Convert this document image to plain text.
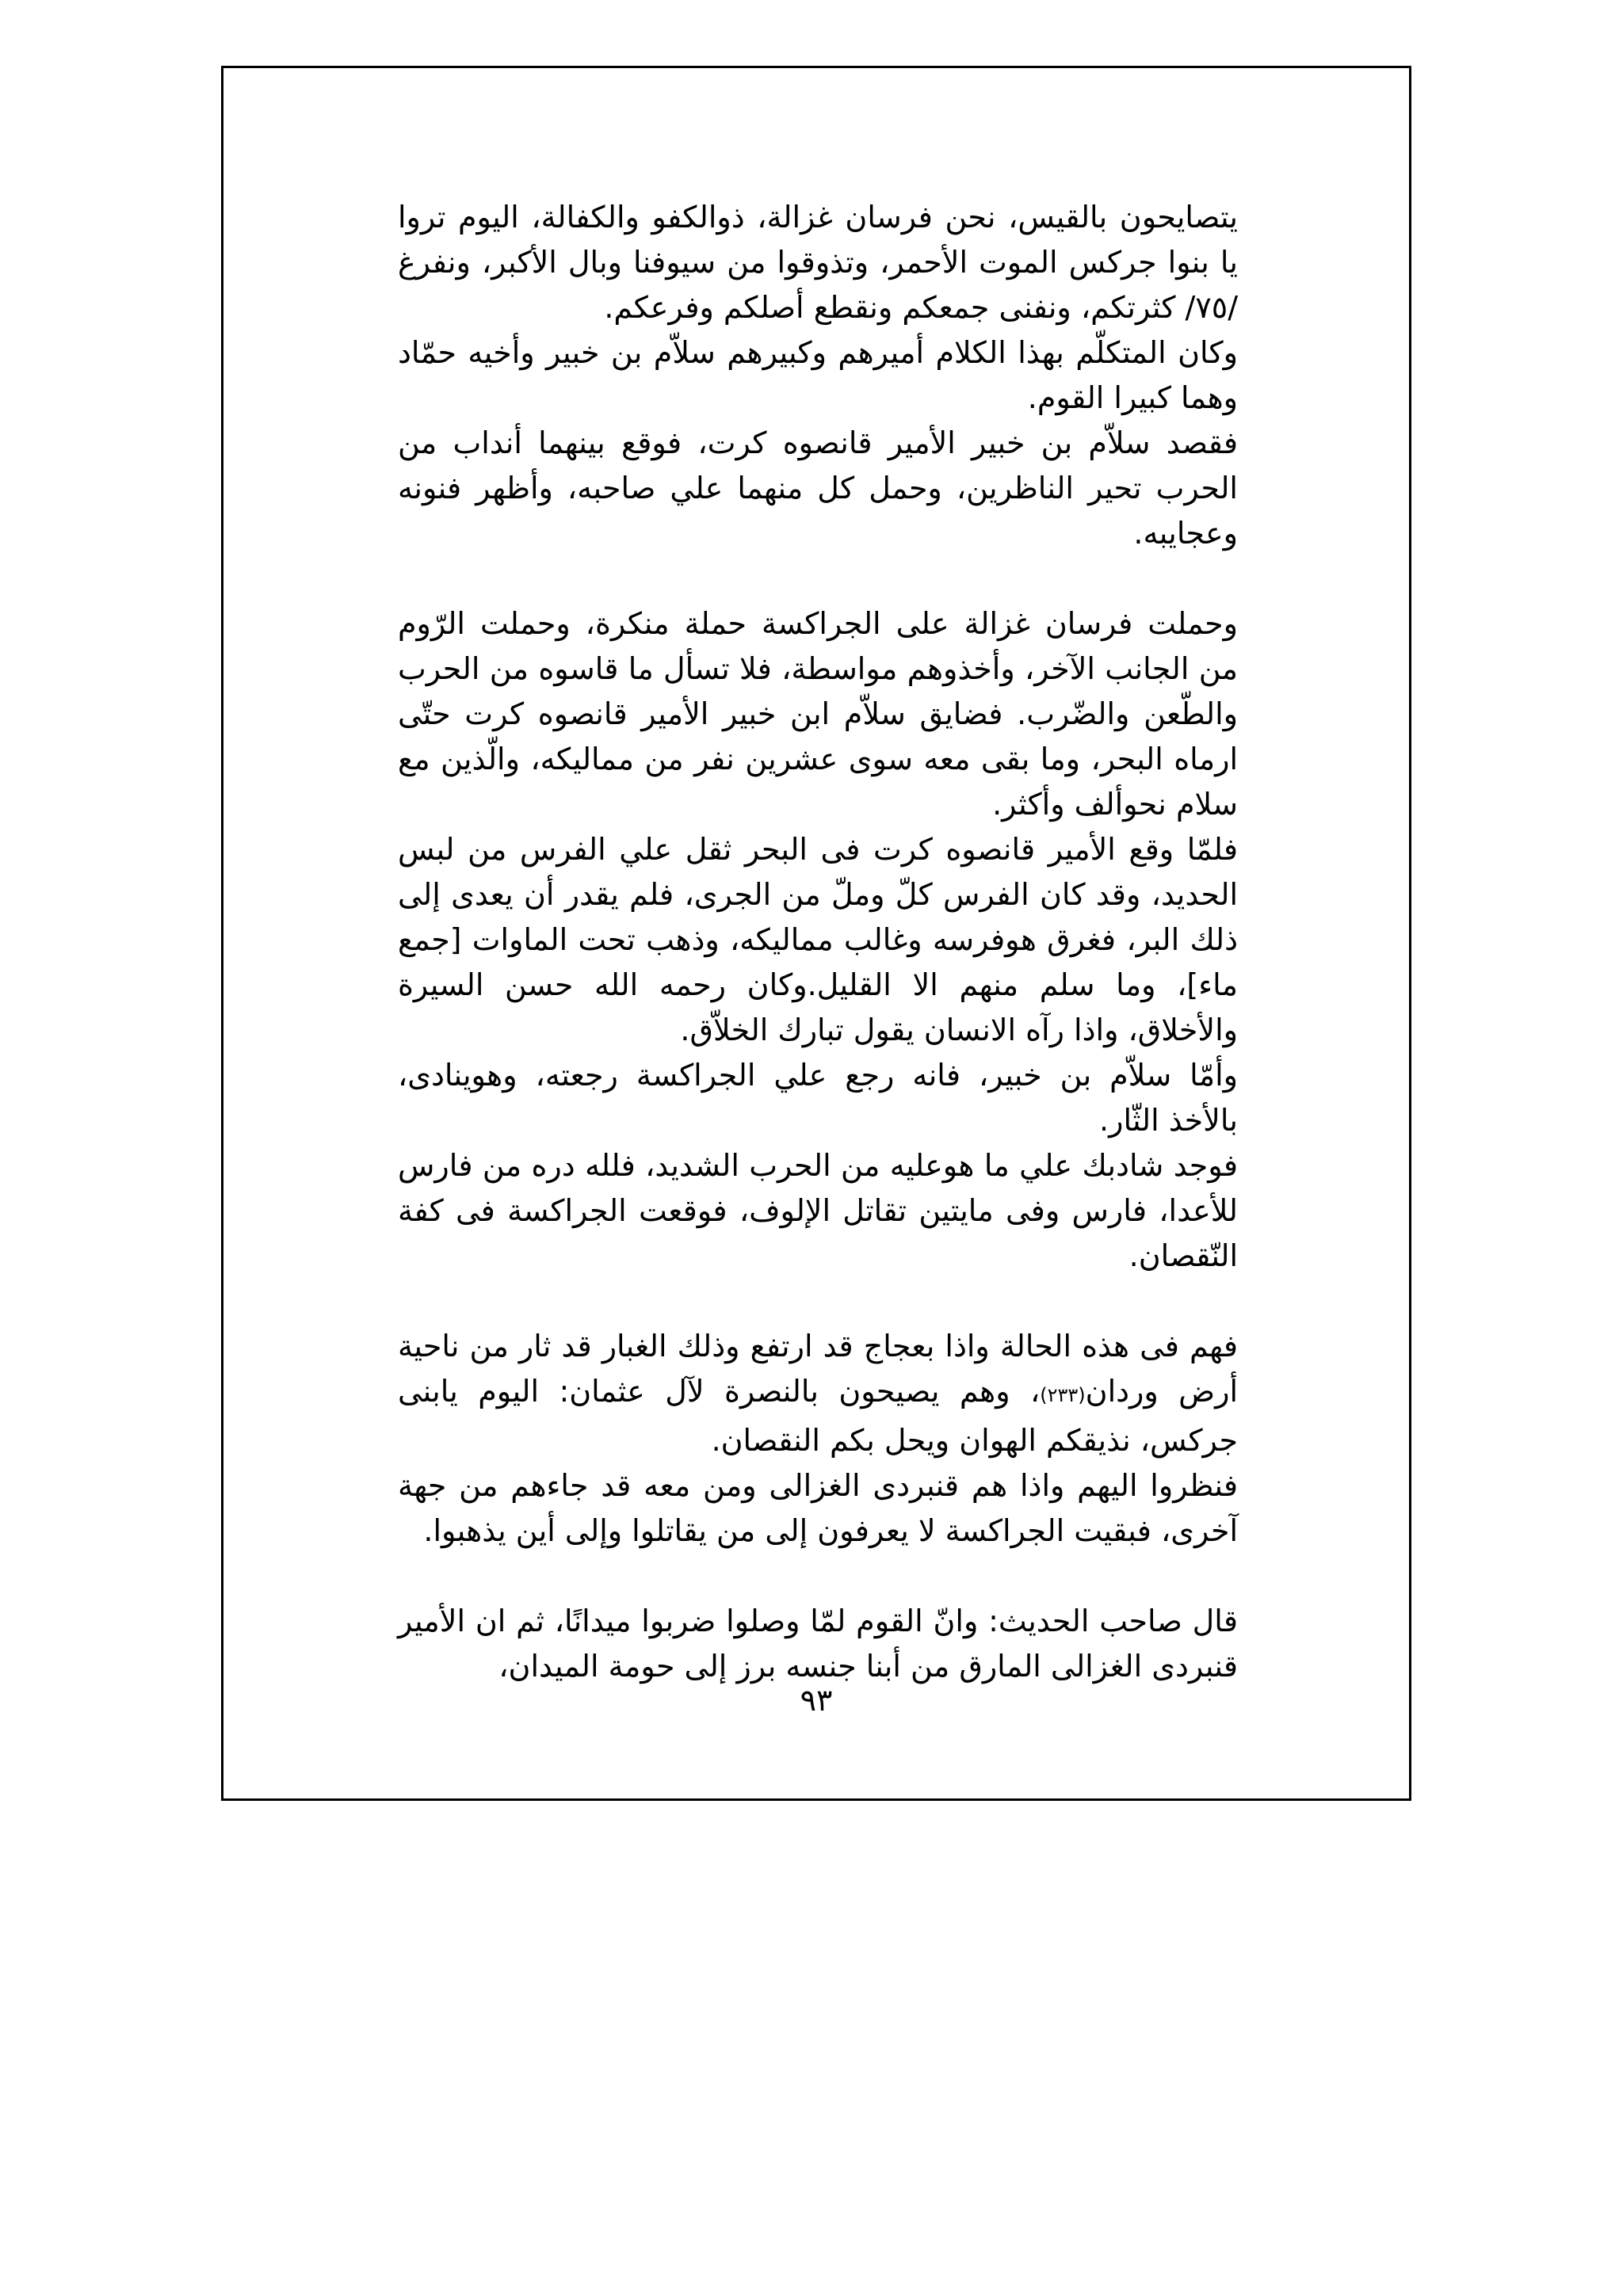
يتصايحون بالقيس، نحن فرسان غزالة، ذوالكفو والكفالة، اليوم تروا يا بنوا جركس الموت الأحمر، وتذوقوا من سيوفنا وبال الأكبر، ونفرغ /٧٥/ كثرتكم، ونفنى جمعكم ونقطع أصلكم وفرعكم.

وكان المتكلّم بهذا الكلام أميرهم وكبيرهم سلاّم بن خبير وأخيه حمّاد وهما كبيرا القوم.

فقصد سلاّم بن خبير الأمير قانصوه كرت، فوقع بينهما أنداب من الحرب تحير الناظرين، وحمل كل منهما علي صاحبه، وأظهر فنونه وعجايبه.

وحملت فرسان غزالة على الجراكسة حملة منكرة، وحملت الرّوم من الجانب الآخر، وأخذوهم مواسطة، فلا تسأل ما قاسوه من الحرب والطّعن والضّرب. فضايق سلاّم ابن خبير الأمير قانصوه كرت حتّى ارماه البحر، وما بقى معه سوى عشرين نفر من مماليكه، والّذين مع سلام نحوألف وأكثر.

فلمّا وقع الأمير قانصوه كرت فى البحر ثقل علي الفرس من لبس الحديد، وقد كان الفرس كلّ وملّ من الجرى، فلم يقدر أن يعدى إلى ذلك البر، فغرق هوفرسه وغالب مماليكه، وذهب تحت الماوات [جمع ماء]، وما سلم منهم الا القليل.وكان رحمه الله حسن السيرة والأخلاق، واذا رآه الانسان يقول تبارك الخلاّق.

وأمّا سلاّم بن خبير، فانه رجع علي الجراكسة رجعته، وهوينادى، بالأخذ الثّار.

فوجد شادبك علي ما هوعليه من الحرب الشديد، فلله دره من فارس للأعدا، فارس وفى مايتين تقاتل الإلوف، فوقعت الجراكسة فى كفة النّقصان.

فهم فى هذه الحالة واذا بعجاج قد ارتفع وذلك الغبار قد ثار من ناحية أرض وردان(٢٣٣)، وهم يصيحون بالنصرة لآل عثمان: اليوم يابنى جركس، نذيقكم الهوان ويحل بكم النقصان.

فنظروا اليهم واذا هم قنبردى الغزالى ومن معه قد جاءهم من جهة آخرى، فبقيت الجراكسة لا يعرفون إلى من يقاتلوا وإلى أين يذهبوا.

قال صاحب الحديث: وانّ القوم لمّا وصلوا ضربوا ميدانًا، ثم ان الأمير قنبردى الغزالى المارق من أبنا جنسه برز إلى حومة الميدان،

٩٣
